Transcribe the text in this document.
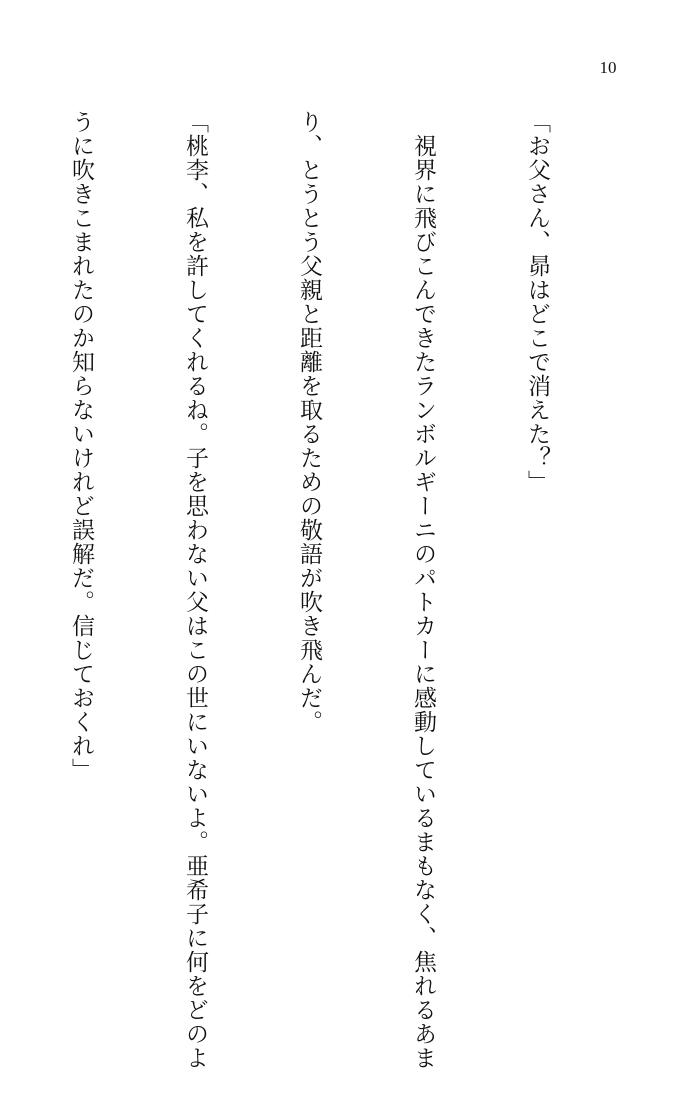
10

「お父さん、昴はどこで消えた？」

　視界に飛びこんできたランボルギーニのパトカーに感動しているまもなく、焦れるあま

り、とうとう父親と距離を取るための敬語が吹き飛んだ。

「桃李、私を許してくれるね。子を思わない父はこの世にいないよ。亜希子に何をどのよ

うに吹きこまれたのか知らないけれど誤解だ。信じておくれ」
